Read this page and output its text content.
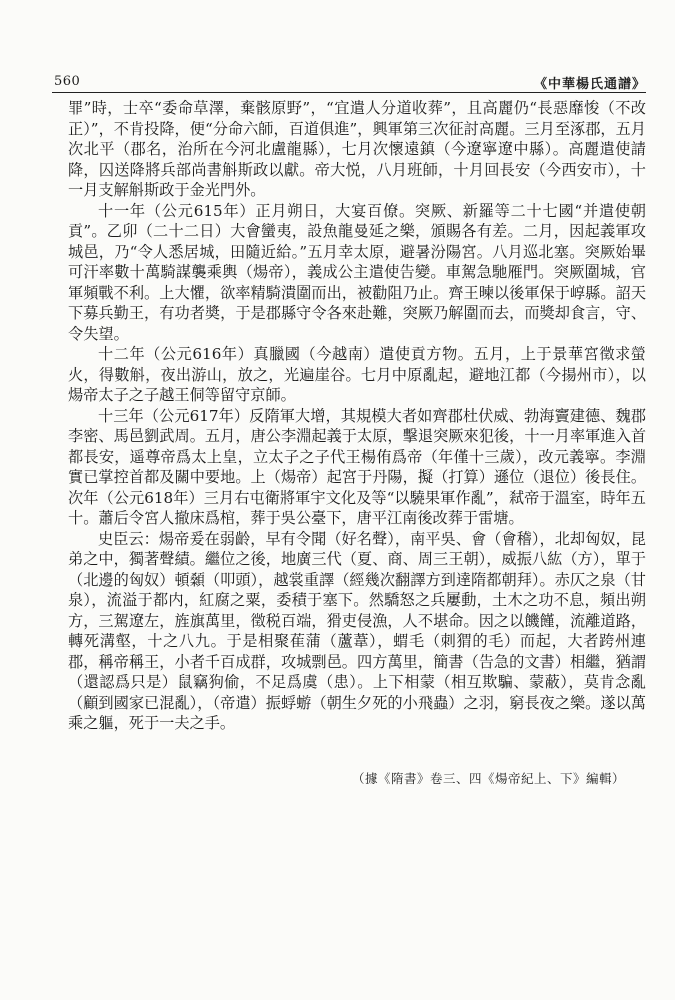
560	《中華楊氏通譜》

罪”時，士卒“委命草澤，棄骸原野”，“宜遣人分道收葬”，且高麗仍“長惡靡悛（不改正）”，不肯投降，便“分命六師，百道俱進”，興軍第三次征討高麗。三月至涿郡，五月次北平（郡名，治所在今河北盧龍縣），七月次懷遠鎮（今遼寧遼中縣）。高麗遣使請降，囚送降將兵部尚書斛斯政以獻。帝大悦，八月班師，十月回長安（今西安市），十一月支解斛斯政于金光門外。

十一年（公元615年）正月朔日，大宴百僚。突厥、新羅等二十七國“并遣使朝貢”。乙卯（二十二日）大會蠻夷，設魚龍曼延之樂，頒賜各有差。二月，因起義軍攻城邑，乃“令人悉居城，田隨近給。”五月幸太原，避暑汾陽宮。八月巡北塞。突厥始畢可汗率數十萬騎謀襲乘輿（煬帝），義成公主遣使告變。車駕急馳雁門。突厥圍城，官軍頻戰不利。上大懼，欲率精騎潰圍而出，被勸阻乃止。齊王暕以後軍保于崞縣。詔天下募兵勤王，有功者奬，于是郡縣守令各來赴難，突厥乃解圍而去，而獎却食言，守、令失望。

十二年（公元616年）真臘國（今越南）遣使貢方物。五月，上于景華宮徵求螢火，得數斛，夜出游山，放之，光遍崖谷。七月中原亂起，避地江都（今揚州市），以煬帝太子之子越王侗等留守京師。

十三年（公元617年）反隋軍大增，其規模大者如齊郡杜伏威、勃海竇建德、魏郡李密、馬邑劉武周。五月，唐公李淵起義于太原，擊退突厥來犯後，十一月率軍進入首都長安，遥尊帝爲太上皇，立太子之子代王楊侑爲帝（年僅十三歲），改元義寧。李淵實已掌控首都及關中要地。上（煬帝）起宮于丹陽，擬（打算）遜位（退位）後長住。次年（公元618年）三月右屯衛將軍宇文化及等“以驍果軍作亂”，弒帝于溫室，時年五十。蕭后令宮人撤床爲棺，葬于吳公臺下，唐平江南後改葬于雷塘。

史臣云：煬帝爰在弱齡，早有令聞（好名聲），南平吳、會（會稽），北却匈奴，昆弟之中，獨著聲績。繼位之後，地廣三代（夏、商、周三王朝），威振八紘（方），單于（北邊的匈奴）頓顙（叩頭），越裳重譯（經幾次翻譯方到達隋都朝拜）。赤仄之泉（甘泉），流溢于都内，紅腐之粟，委積于塞下。然驕怒之兵屢動，土木之功不息，頻出朔方，三駕遼左，旌旗萬里，徵税百端，猾吏侵漁，人不堪命。因之以饑饉，流離道路，轉死溝壑，十之八九。于是相聚萑蒲（蘆葦），蝟毛（刺猬的毛）而起，大者跨州連郡，稱帝稱王，小者千百成群，攻城剽邑。四方萬里，簡書（告急的文書）相繼，猶謂（還認爲只是）鼠竊狗偷，不足爲虞（患）。上下相蒙（相互欺騙、蒙蔽），莫肯念亂（顧到國家已混亂），（帝遣）振蜉蝣（朝生夕死的小飛蟲）之羽，窮長夜之樂。遂以萬乘之軀，死于一夫之手。

（據《隋書》卷三、四《煬帝紀上、下》編輯）
